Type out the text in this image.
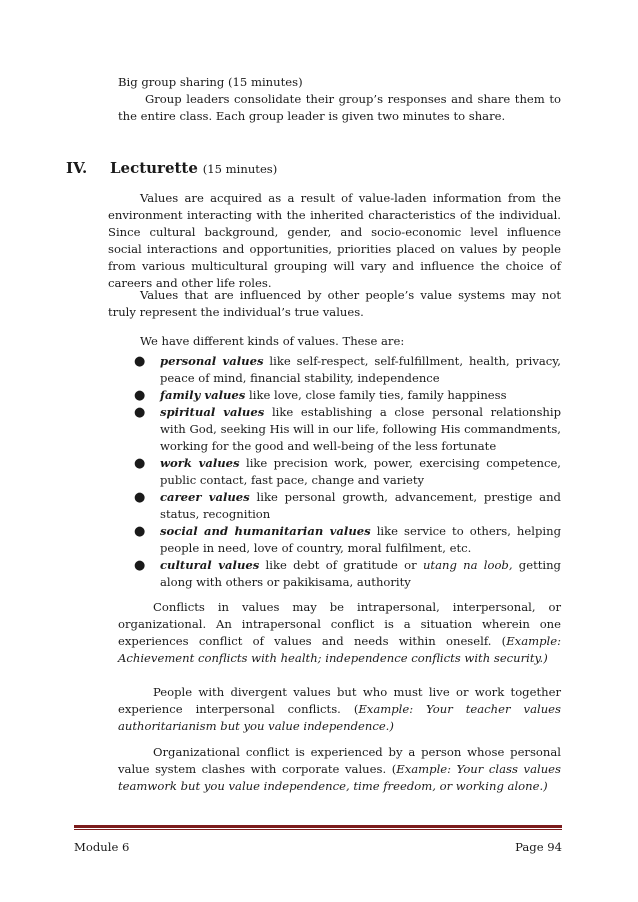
Big group sharing (15 minutes)
Group leaders consolidate their group’s responses and share them to the entire class. Each group leader is given two minutes to share.
IV. Lecturette (15 minutes)
Values are acquired as a result of value-laden information from the environment interacting with the inherited characteristics of the individual. Since cultural background, gender, and socio-economic level influence social interactions and opportunities, priorities placed on values by people from various multicultural grouping will vary and influence the choice of careers and other life roles.
Values that are influenced by other people’s value systems may not truly represent the individual’s true values.
We have different kinds of values. These are:
● personal values like self-respect, self-fulfillment, health, privacy, peace of mind, financial stability, independence
● family values like love, close family ties, family happiness
● spiritual values like establishing a close personal relationship with God, seeking His will in our life, following His commandments, working for the good and well-being of the less fortunate
● work values like precision work, power, exercising competence, public contact, fast pace, change and variety
● career values like personal growth, advancement, prestige and status, recognition
● social and humanitarian values like service to others, helping people in need, love of country, moral fulfilment, etc.
● cultural values like debt of gratitude or utang na loob, getting along with others or pakikisama, authority
Conflicts in values may be intrapersonal, interpersonal, or organizational. An intrapersonal conflict is a situation wherein one experiences conflict of values and needs within oneself. (Example: Achievement conflicts with health; independence conflicts with security.)
People with divergent values but who must live or work together experience interpersonal conflicts. (Example: Your teacher values authoritarianism but you value independence.)
Organizational conflict is experienced by a person whose personal value system clashes with corporate values. (Example: Your class values teamwork but you value independence, time freedom, or working alone.)
Module 6	Page 94
